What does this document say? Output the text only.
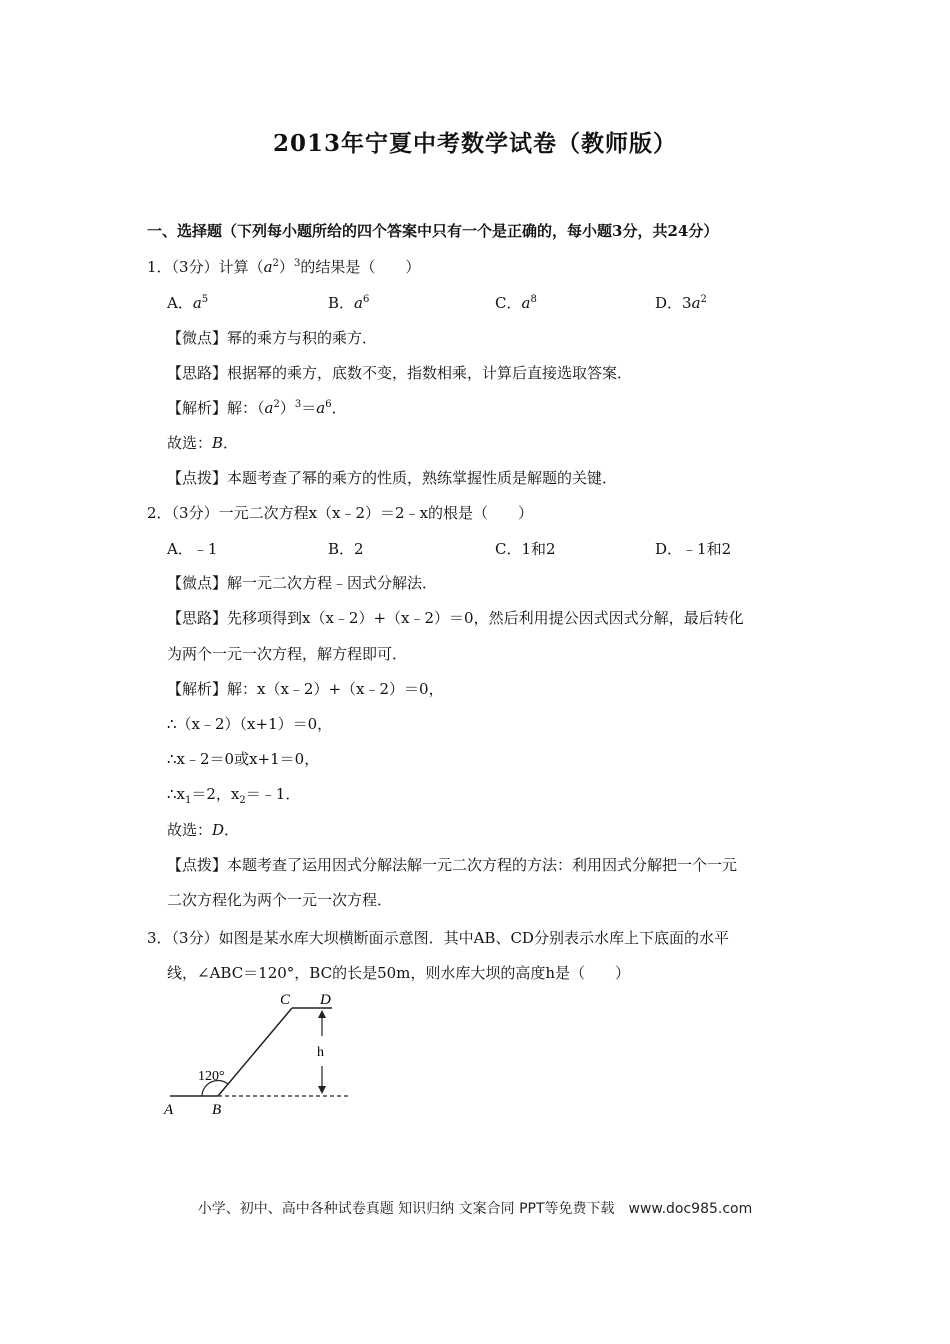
2013年宁夏中考数学试卷（教师版）
一、选择题（下列每小题所给的四个答案中只有一个是正确的，每小题3分，共24分）
1．（3分）计算$(a^2)^3$的结果是（　　）
A．$a^5$	B．$a^6$	C．$a^8$	D．$3a^2$
【微点】幂的乘方与积的乘方．
【思路】根据幂的乘方，底数不变，指数相乘，计算后直接选取答案．
【解析】解：$(a^2)^3=a^6$．
故选：B．
【点拨】本题考查了幂的乘方的性质，熟练掌握性质是解题的关键．
2．（3分）一元二次方程x（x﹣2）＝2﹣x的根是（　　）
A．﹣1	B．2	C．1和2	D．﹣1和2
【微点】解一元二次方程﹣因式分解法．
【思路】先移项得到x（x﹣2）+（x﹣2）＝0，然后利用提公因式因式分解，最后转化
为两个一元一次方程，解方程即可．
【解析】解：x（x﹣2）+（x﹣2）＝0，
∴（x﹣2）（x+1）＝0，
∴x﹣2＝0或x+1＝0，
$\therefore x_1=2$，$x_2=﹣1$．
故选：D．
【点拨】本题考查了运用因式分解法解一元二次方程的方法：利用因式分解把一个一元
二次方程化为两个一元一次方程．
3．（3分）如图是某水库大坝横断面示意图．其中AB、CD分别表示水库上下底面的水平
线，∠ABC＝120°，BC的长是50m，则水库大坝的高度h是（　　）
A	B
C D
h
120°
小学、初中、高中各种试卷真题 知识归纳 文案合同 PPT等免费下载　www.doc985.com
